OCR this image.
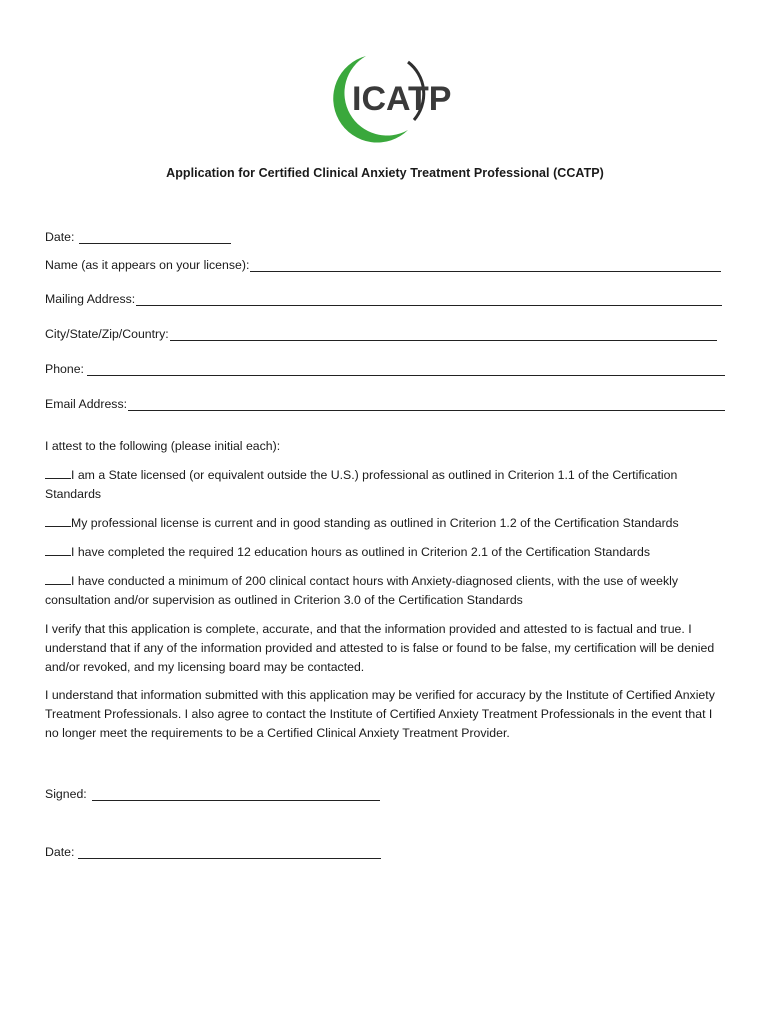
ICATP
Application for Certified Clinical Anxiety Treatment Professional (CCATP)
Date:
Name (as it appears on your license):
Mailing Address:
City/State/Zip/Country:
Phone:
Email Address:

I attest to the following (please initial each):

I am a State licensed (or equivalent outside the U.S.) professional as outlined in Criterion 1.1 of the Certification Standards

My professional license is current and in good standing as outlined in Criterion 1.2 of the Certification Standards

I have completed the required 12 education hours as outlined in Criterion 2.1 of the Certification Standards

I have conducted a minimum of 200 clinical contact hours with Anxiety-diagnosed clients, with the use of weekly consultation and/or supervision as outlined in Criterion 3.0 of the Certification Standards

I verify that this application is complete, accurate, and that the information provided and attested to is factual and true. I understand that if any of the information provided and attested to is false or found to be false, my certification will be denied and/or revoked, and my licensing board may be contacted.

I understand that information submitted with this application may be verified for accuracy by the Institute of Certified Anxiety Treatment Professionals. I also agree to contact the Institute of Certified Anxiety Treatment Professionals in the event that I no longer meet the requirements to be a Certified Clinical Anxiety Treatment Provider.

Signed:
Date:
